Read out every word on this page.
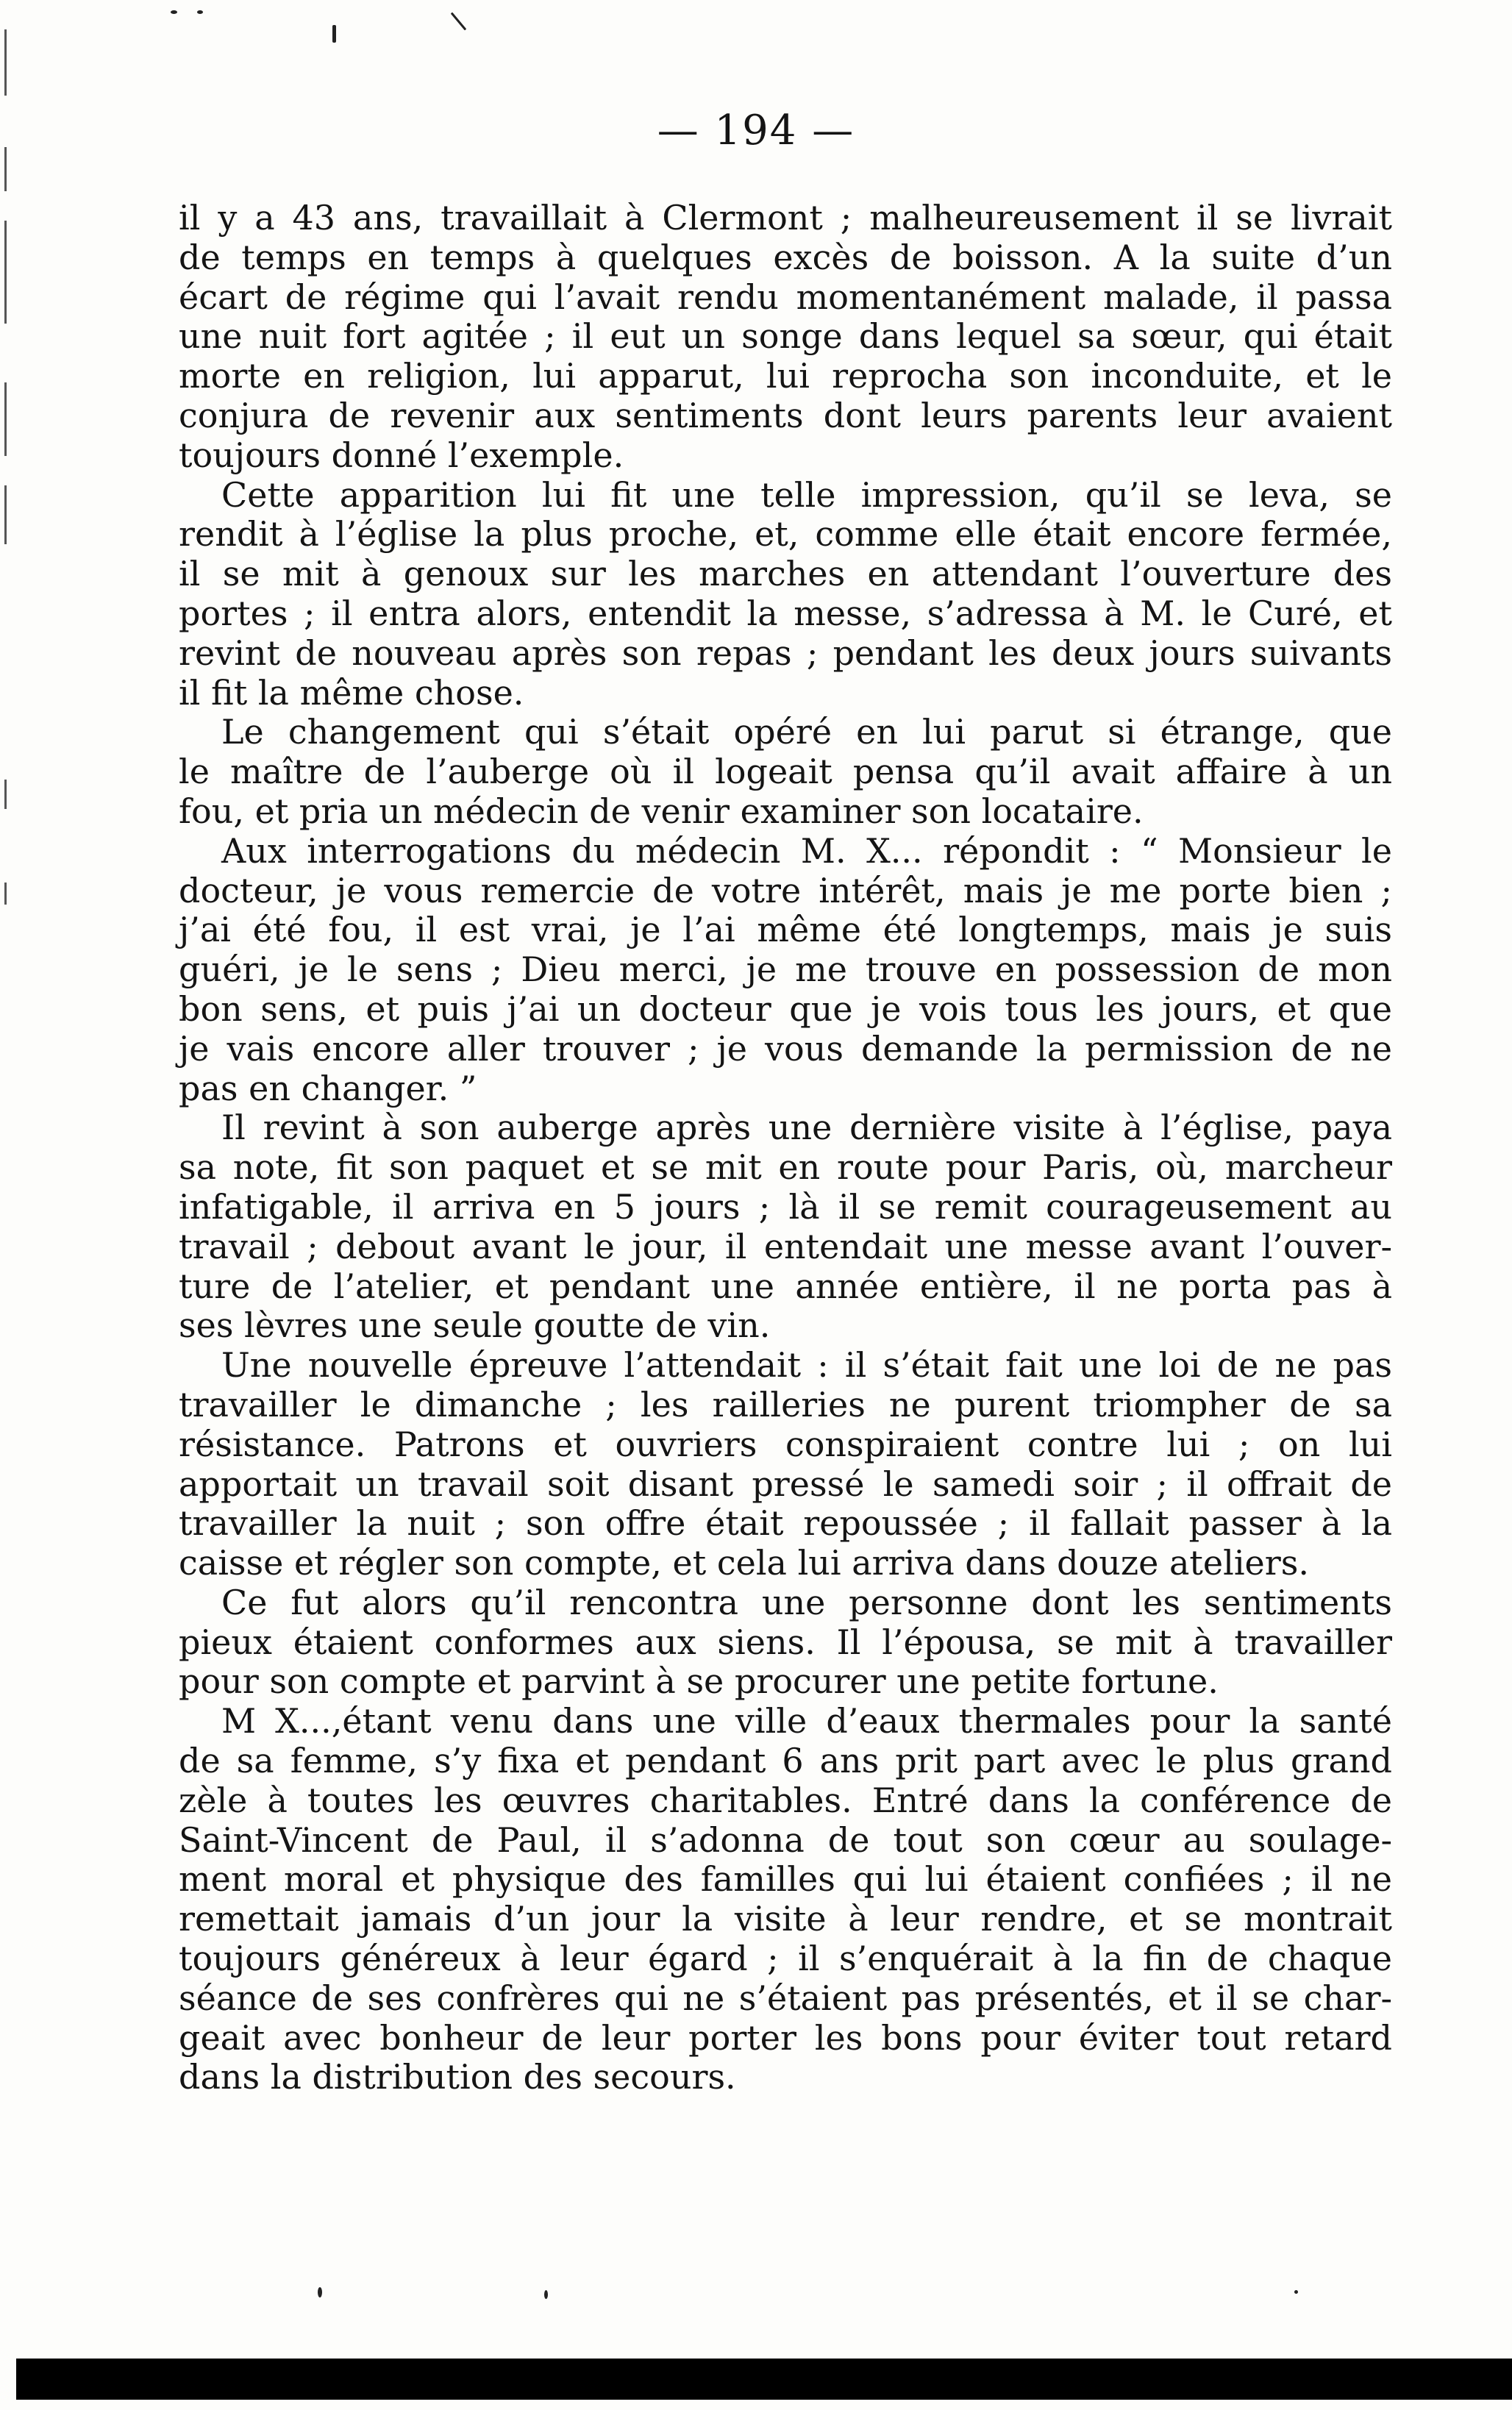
— 194 —
il y a 43 ans, travaillait à Clermont ; malheureusement il se livrait
de temps en temps à quelques excès de boisson. A la suite d’un
écart de régime qui l’avait rendu momentanément malade, il passa
une nuit fort agitée ; il eut un songe dans lequel sa sœur, qui était
morte en religion, lui apparut, lui reprocha son inconduite, et le
conjura de revenir aux sentiments dont leurs parents leur avaient
toujours donné l’exemple.
Cette apparition lui fit une telle impression, qu’il se leva, se
rendit à l’église la plus proche, et, comme elle était encore fermée,
il se mit à genoux sur les marches en attendant l’ouverture des
portes ; il entra alors, entendit la messe, s’adressa à M. le Curé, et
revint de nouveau après son repas ; pendant les deux jours suivants
il fit la même chose.
Le changement qui s’était opéré en lui parut si étrange, que
le maître de l’auberge où il logeait pensa qu’il avait affaire à un
fou, et pria un médecin de venir examiner son locataire.
Aux interrogations du médecin M. X... répondit : “ Monsieur le
docteur, je vous remercie de votre intérêt, mais je me porte bien ;
j’ai été fou, il est vrai, je l’ai même été longtemps, mais je suis
guéri, je le sens ; Dieu merci, je me trouve en possession de mon
bon sens, et puis j’ai un docteur que je vois tous les jours, et que
je vais encore aller trouver ; je vous demande la permission de ne
pas en changer. ”
Il revint à son auberge après une dernière visite à l’église, paya
sa note, fit son paquet et se mit en route pour Paris, où, marcheur
infatigable, il arriva en 5 jours ; là il se remit courageusement au
travail ; debout avant le jour, il entendait une messe avant l’ouver-
ture de l’atelier, et pendant une année entière, il ne porta pas à
ses lèvres une seule goutte de vin.
Une nouvelle épreuve l’attendait : il s’était fait une loi de ne pas
travailler le dimanche ; les railleries ne purent triompher de sa
résistance. Patrons et ouvriers conspiraient contre lui ; on lui
apportait un travail soit disant pressé le samedi soir ; il offrait de
travailler la nuit ; son offre était repoussée ; il fallait passer à la
caisse et régler son compte, et cela lui arriva dans douze ateliers.
Ce fut alors qu’il rencontra une personne dont les sentiments
pieux étaient conformes aux siens. Il l’épousa, se mit à travailler
pour son compte et parvint à se procurer une petite fortune.
M X...,étant venu dans une ville d’eaux thermales pour la santé
de sa femme, s’y fixa et pendant 6 ans prit part avec le plus grand
zèle à toutes les œuvres charitables. Entré dans la conférence de
Saint-Vincent de Paul, il s’adonna de tout son cœur au soulage-
ment moral et physique des familles qui lui étaient confiées ; il ne
remettait jamais d’un jour la visite à leur rendre, et se montrait
toujours généreux à leur égard ; il s’enquérait à la fin de chaque
séance de ses confrères qui ne s’étaient pas présentés, et il se char-
geait avec bonheur de leur porter les bons pour éviter tout retard
dans la distribution des secours.
